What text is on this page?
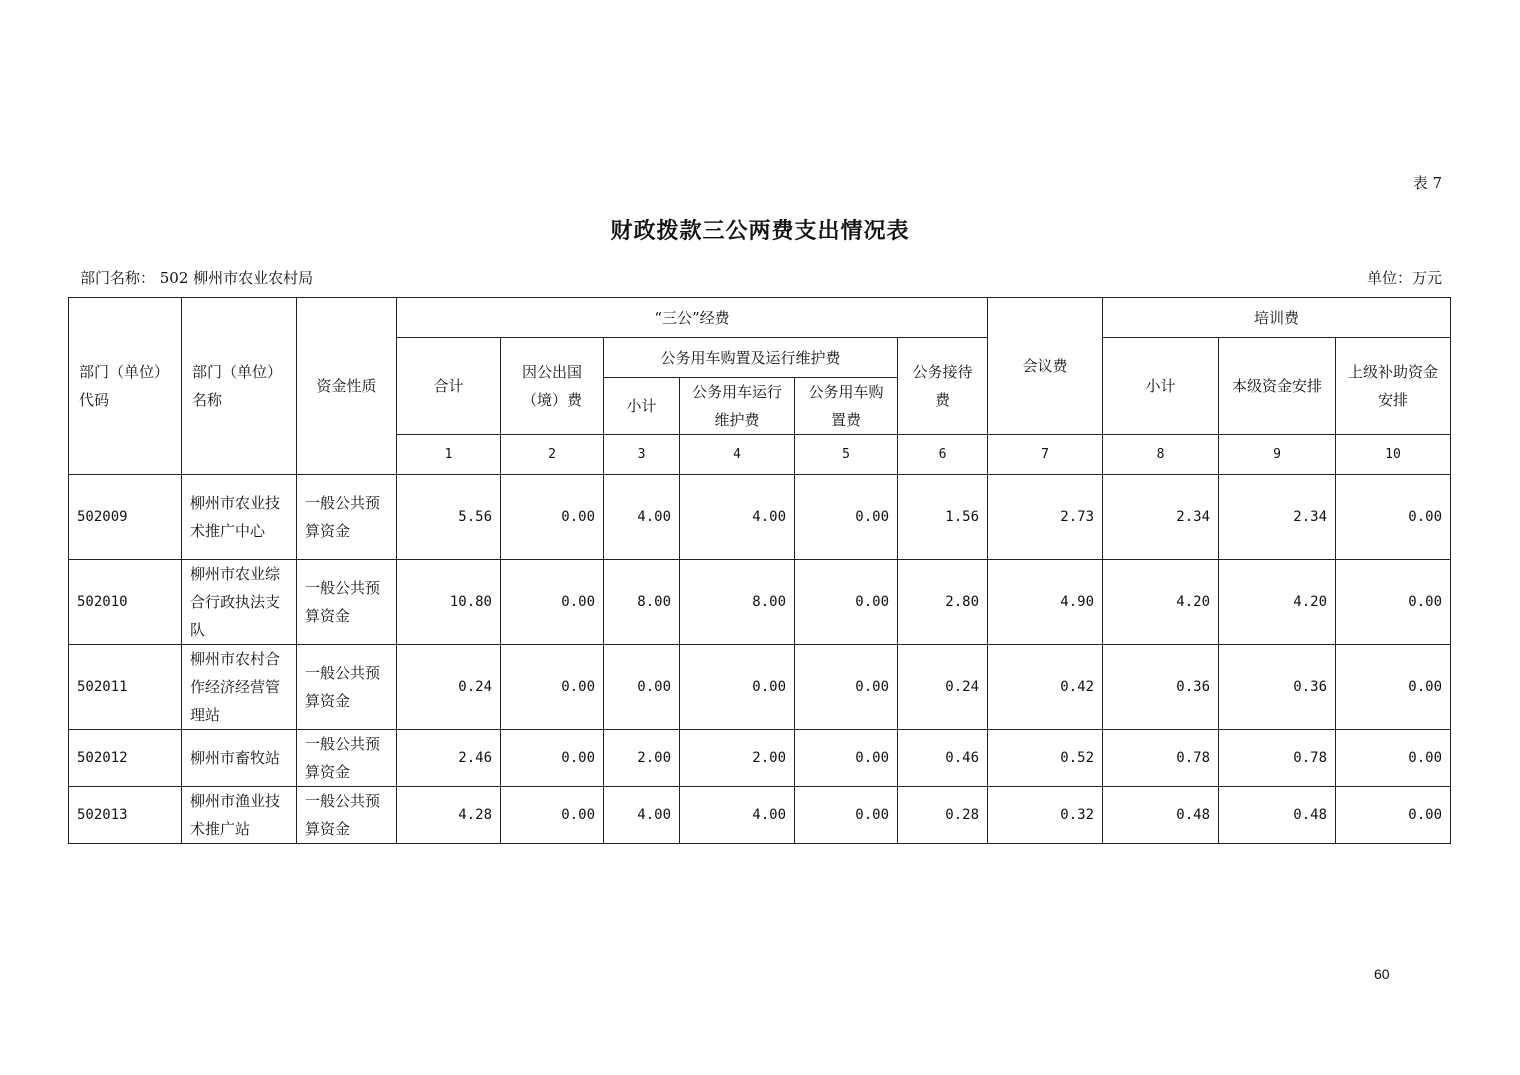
表 7
财政拨款三公两费支出情况表
部门名称： 502 柳州市农业农村局	单位：万元
部门（单位）代码	部门（单位）名称	资金性质	“三公”经费						会议费	培训费		
			合计	因公出国（境）费	公务用车购置及运行维护费			公务接待费		小计	本级资金安排	上级补助资金安排
					小计	公务用车运行维护费	公务用车购置费					
			1	2	3	4	5	6	7	8	9	10
502009	柳州市农业技术推广中心	一般公共预算资金	5.56	0.00	4.00	4.00	0.00	1.56	2.73	2.34	2.34	0.00
502010	柳州市农业综合行政执法支队	一般公共预算资金	10.80	0.00	8.00	8.00	0.00	2.80	4.90	4.20	4.20	0.00
502011	柳州市农村合作经济经营管理站	一般公共预算资金	0.24	0.00	0.00	0.00	0.00	0.24	0.42	0.36	0.36	0.00
502012	柳州市畜牧站	一般公共预算资金	2.46	0.00	2.00	2.00	0.00	0.46	0.52	0.78	0.78	0.00
502013	柳州市渔业技术推广站	一般公共预算资金	4.28	0.00	4.00	4.00	0.00	0.28	0.32	0.48	0.48	0.00
60
